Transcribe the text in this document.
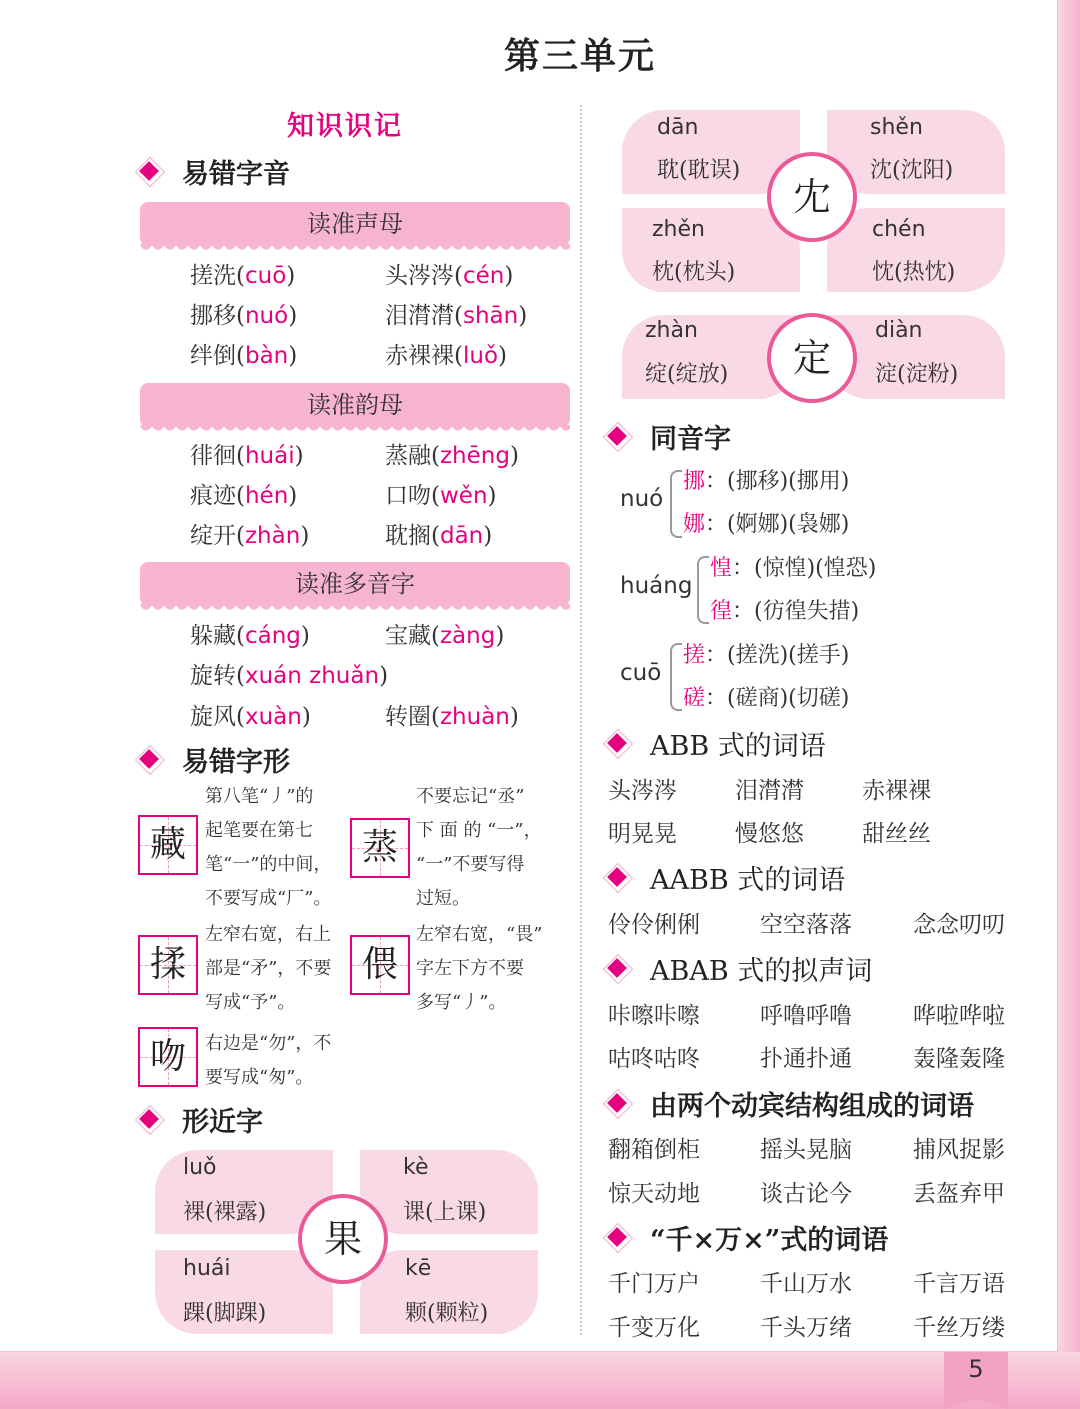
5
第三单元
知识识记
易错字音
读准声母
搓洗(cuō)	头涔涔(cén)
挪移(nuó)	泪潸潸(shān)
绊倒(bàn)	赤裸裸(luǒ)
读准韵母
徘徊(huái)	蒸融(zhēng)
痕迹(hén)	口吻(wěn)
绽开(zhàn)	耽搁(dān)
读准多音字
躲藏(cáng)	宝藏(zàng)
旋转(xuán zhuǎn)
旋风(xuàn)	转圈(zhuàn)
易错字形
藏
第八笔“丿”的
起笔要在第七
笔“一”的中间，
不要写成“厂”。
蒸
不要忘记“丞”
下 面 的 “一”，
“一”不要写得
过短。
揉
左窄右宽，右上
部是“矛”，不要
写成“予”。
偎
左窄右宽，“畏”
字左下方不要
多写“丿”。
吻	右边是“勿”，不
要写成“匆”。
形近字
luǒ
裸(裸露)
kè
课(上课)
huái
踝(脚踝)
kē
颗(颗粒)
果
dān
耽(耽误)
shěn
沈(沈阳)
zhěn
枕(枕头)
chén
忱(热忱)
冘
zhàn
绽(绽放)
diàn
淀(淀粉)
定
同音字
nuó
挪：(挪移)(挪用)
娜：(婀娜)(袅娜)
huáng
惶：(惊惶)(惶恐)
徨：(彷徨失措)
cuō
搓：(搓洗)(搓手)
磋：(磋商)(切磋)
ABB 式的词语
头涔涔	泪潸潸	赤裸裸
明晃晃	慢悠悠	甜丝丝
AABB 式的词语
伶伶俐俐	空空落落	念念叨叨
ABAB 式的拟声词
咔嚓咔嚓	呼噜呼噜	哗啦哗啦
咕咚咕咚	扑通扑通	轰隆轰隆
由两个动宾结构组成的词语
翻箱倒柜	摇头晃脑	捕风捉影
惊天动地	谈古论今	丢盔弃甲
“千×万×”式的词语
千门万户	千山万水	千言万语
千变万化	千头万绪	千丝万缕
